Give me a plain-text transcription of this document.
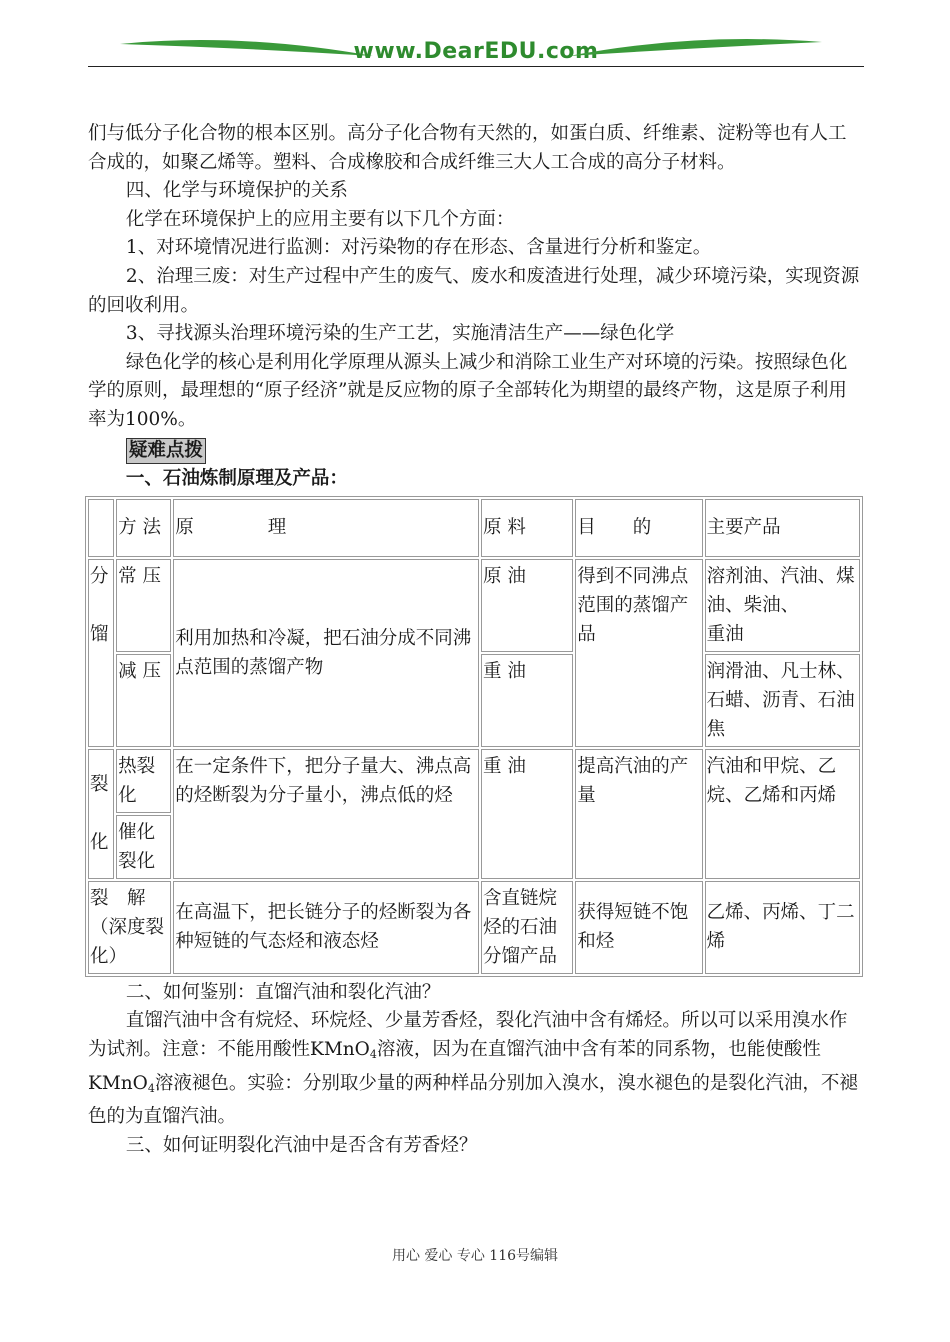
www.DearEDU.com

们与低分子化合物的根本区别。高分子化合物有天然的，如蛋白质、纤维素、淀粉等也有人工合成的，如聚乙烯等。塑料、合成橡胶和合成纤维三大人工合成的高分子材料。

四、化学与环境保护的关系

化学在环境保护上的应用主要有以下几个方面：

1、对环境情况进行监测：对污染物的存在形态、含量进行分析和鉴定。

2、治理三废：对生产过程中产生的废气、废水和废渣进行处理，减少环境污染，实现资源的回收利用。

3、寻找源头治理环境污染的生产工艺，实施清洁生产——绿色化学

绿色化学的核心是利用化学原理从源头上减少和消除工业生产对环境的污染。按照绿色化学的原则，最理想的“原子经济”就是反应物的原子全部转化为期望的最终产物，这是原子利用率为100%。

疑难点拨

一、石油炼制原理及产品：

	方 法	原　　　　理	原 料	目　　的	主要产品
分

馏	常 压	利用加热和冷凝，把石油分成不同沸点范围的蒸馏产物	原 油	得到不同沸点范围的蒸馏产品	溶剂油、汽油、煤油、柴油、
重油
	减 压		重 油		润滑油、凡士林、石蜡、沥青、石油焦
裂

化	热裂化	在一定条件下，把分子量大、沸点高的烃断裂为分子量小，沸点低的烃	重 油	提高汽油的产量	汽油和甲烷、乙烷、乙烯和丙烯
	催化裂化				
裂　解（深度裂化）		在高温下，把长链分子的烃断裂为各种短链的气态烃和液态烃	含直链烷烃的石油分馏产品	获得短链不饱和烃	乙烯、丙烯、丁二烯

二、如何鉴别：直馏汽油和裂化汽油？

直馏汽油中含有烷烃、环烷烃、少量芳香烃，裂化汽油中含有烯烃。所以可以采用溴水作为试剂。注意：不能用酸性KMnO$_4$溶液，因为在直馏汽油中含有苯的同系物，也能使酸性KMnO$_4$溶液褪色。实验：分别取少量的两种样品分别加入溴水，溴水褪色的是裂化汽油，不褪色的为直馏汽油。

三、如何证明裂化汽油中是否含有芳香烃？

用心 爱心 专心 116号编辑
